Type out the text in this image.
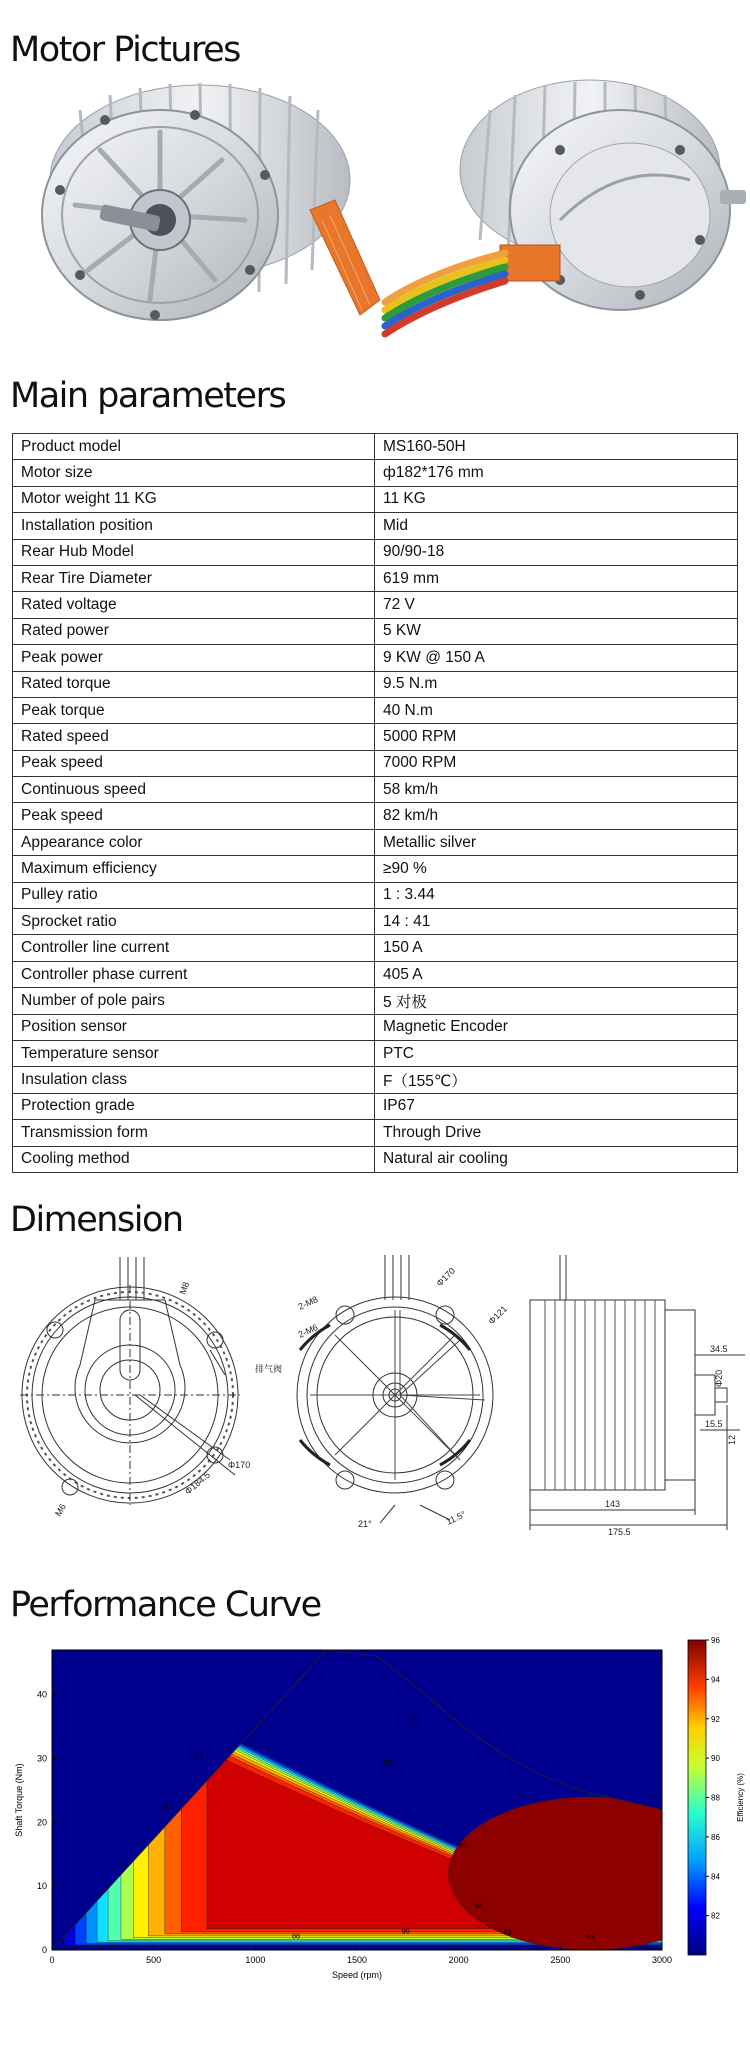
Motor Pictures
Main parameters
Product model	MS160-50H
Motor size	ф182*176 mm
Motor weight 11 KG	11 KG
Installation position	Mid
Rear Hub Model	90/90-18
Rear Tire Diameter	619 mm
Rated voltage	72 V
Rated power	5 KW
Peak power	9 KW @ 150 A
Rated torque	9.5 N.m
Peak torque	40 N.m
Rated speed	5000 RPM
Peak speed	7000 RPM
Continuous speed	58 km/h
Peak speed	82 km/h
Appearance color	Metallic silver
Maximum efficiency	≥90 %
Pulley ratio	1 : 3.44
Sprocket ratio	14 : 41
Controller line current	150 A
Controller phase current	405 A
Number of pole pairs	5 对极
Position sensor	Magnetic Encoder
Temperature sensor	PTC
Insulation class	F（155℃）
Protection grade	IP67
Transmission form	Through Drive
Cooling method	Natural air cooling
Dimension
M8
排气阀
Φ170
Φ184.5
M6
2-M8
2-M6
Φ170
Φ121
21°	11.5°
34.5
Φ20
15.5
12
143
175.5
Performance Curve
87
89
91
92
95
94
90
88
89
84
0	500	1000	1500	2000	2500	3000
0
10
20
30
40
Speed (rpm)
Shaft Torque (Nm)
82
84
86
88
90
92
94
96
Efficiency (%)
